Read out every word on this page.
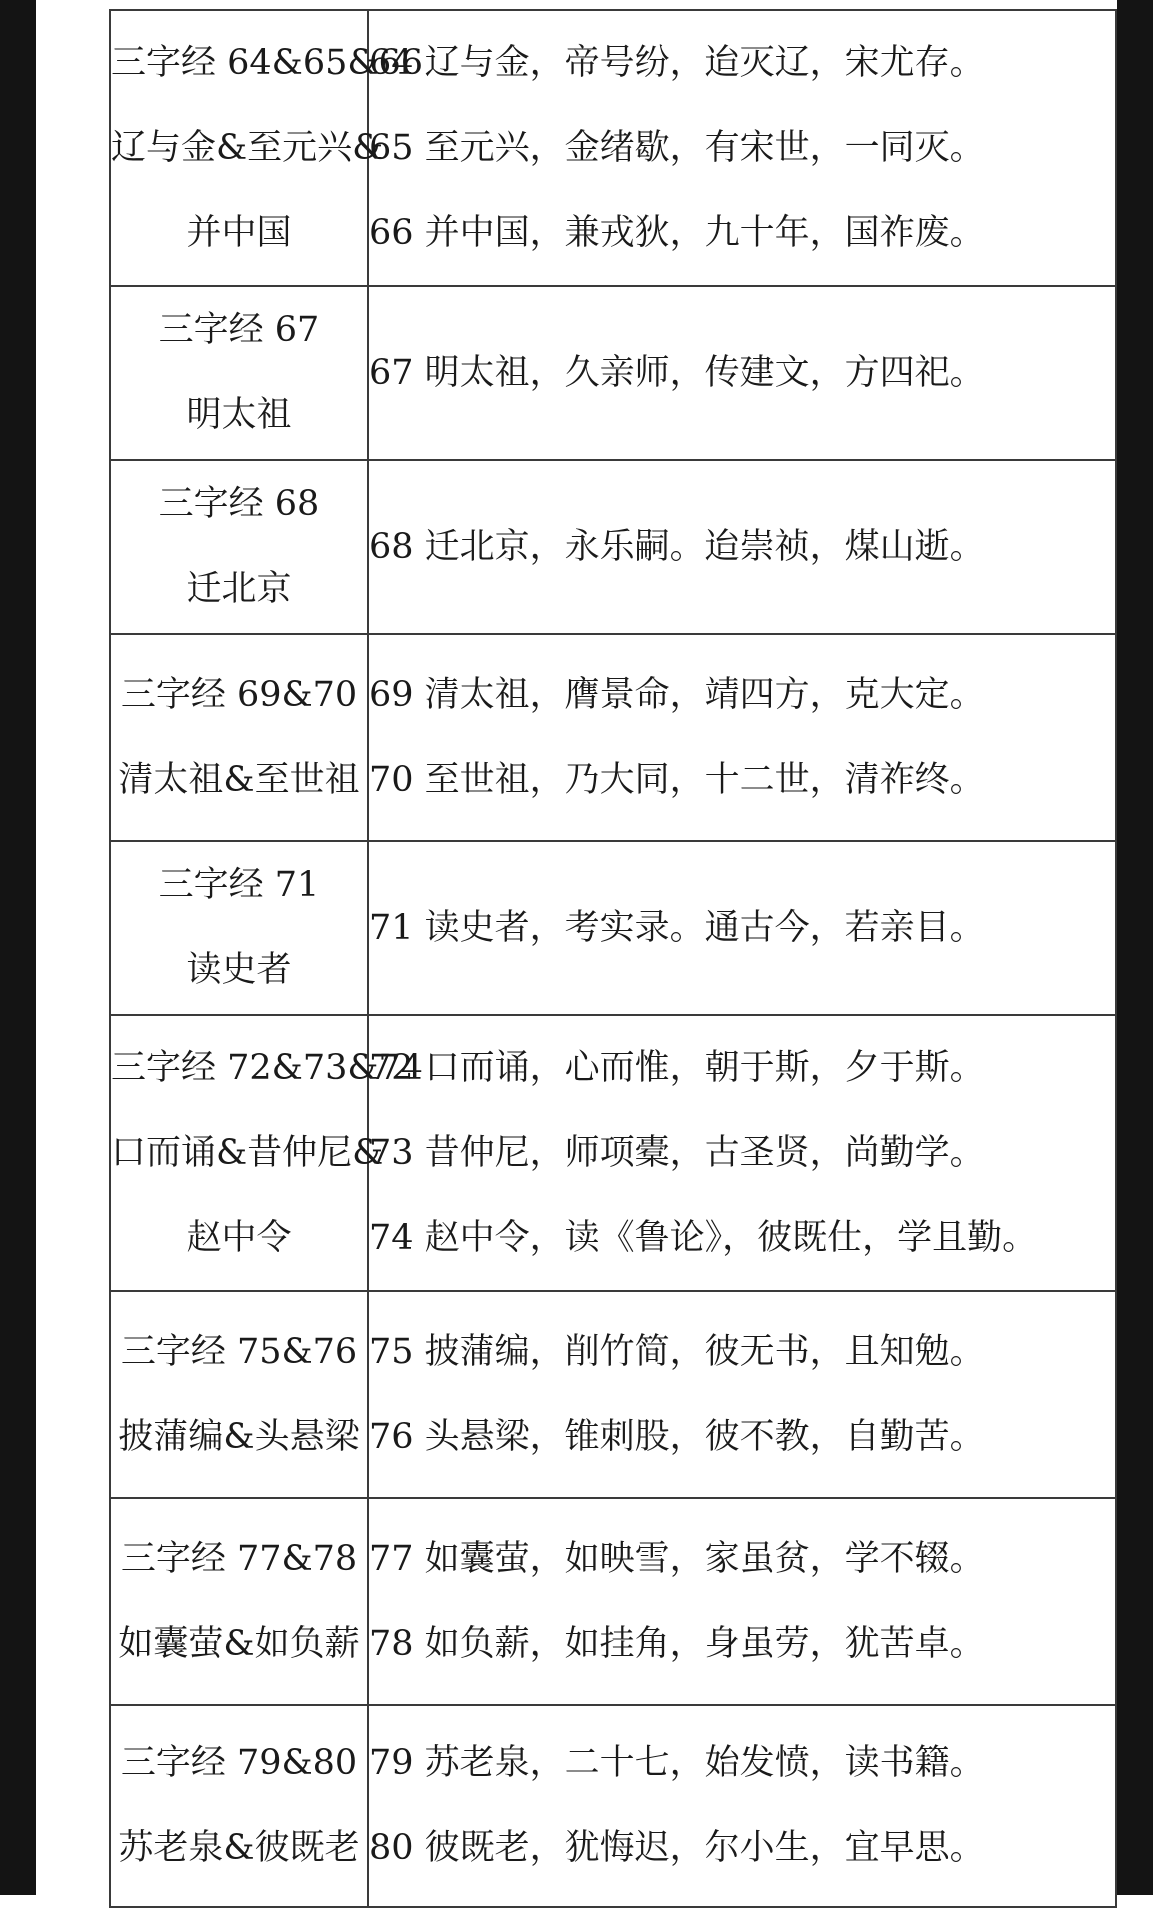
三字经 64&65&66
辽与金&至元兴&
并中国	64 辽与金，帝号纷，迨灭辽，宋尤存。
65 至元兴，金绪歇，有宋世，一同灭。
66 并中国，兼戎狄，九十年，国祚废。

三字经 67
明太祖	67 明太祖，久亲师，传建文，方四祀。

三字经 68
迁北京	68 迁北京，永乐嗣。迨崇祯，煤山逝。

三字经 69&70
清太祖&至世祖	69 清太祖，膺景命，靖四方，克大定。
70 至世祖，乃大同，十二世，清祚终。

三字经 71
读史者	71 读史者，考实录。通古今，若亲目。

三字经 72&73&74
口而诵&昔仲尼&
赵中令	72 口而诵，心而惟，朝于斯，夕于斯。
73 昔仲尼，师项橐，古圣贤，尚勤学。
74 赵中令，读《鲁论》，彼既仕，学且勤。

三字经 75&76
披蒲编&头悬梁	75 披蒲编，削竹简，彼无书，且知勉。
76 头悬梁，锥刺股，彼不教，自勤苦。

三字经 77&78
如囊萤&如负薪	77 如囊萤，如映雪，家虽贫，学不辍。
78 如负薪，如挂角，身虽劳，犹苦卓。

三字经 79&80
苏老泉&彼既老	79 苏老泉，二十七，始发愤，读书籍。
80 彼既老，犹悔迟，尔小生，宜早思。
